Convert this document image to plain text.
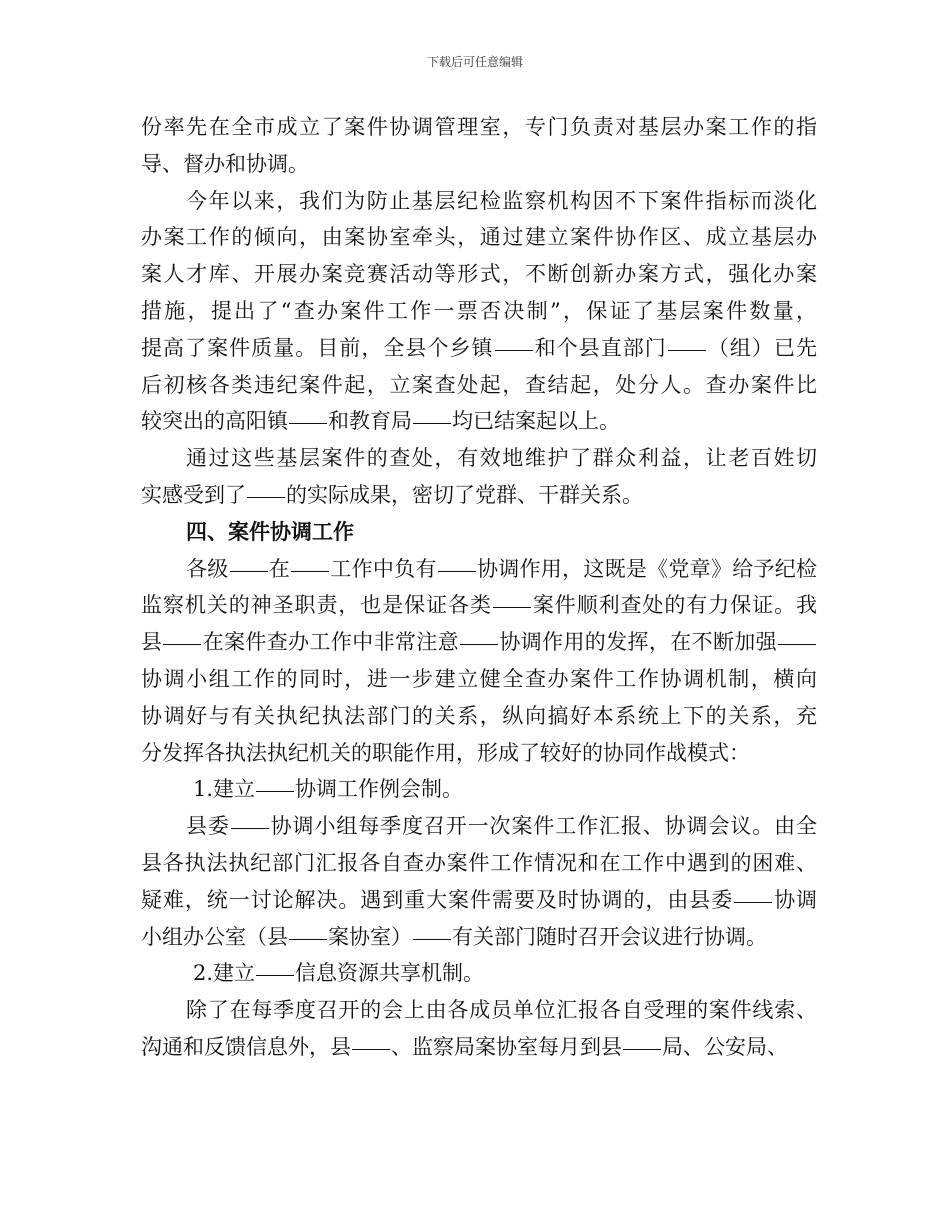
下载后可任意编辑
份率先在全市成立了案件协调管理室，专门负责对基层办案工作的指
导、督办和协调。
今年以来，我们为防止基层纪检监察机构因不下案件指标而淡化
办案工作的倾向，由案协室牵头，通过建立案件协作区、成立基层办
案人才库、开展办案竞赛活动等形式，不断创新办案方式，强化办案
措施，提出了“查办案件工作一票否决制”，保证了基层案件数量，
提高了案件质量。目前，全县个乡镇 和个县直部门 （组）已先
后初核各类违纪案件起，立案查处起，查结起，处分人。查办案件比
较突出的高阳镇 和教育局 均已结案起以上。
通过这些基层案件的查处，有效地维护了群众利益，让老百姓切
实感受到了 的实际成果，密切了党群、干群关系。
四、案件协调工作
各级 在 工作中负有 协调作用，这既是《党章》给予纪检
监察机关的神圣职责，也是保证各类 案件顺利查处的有力保证。我
县 在案件查办工作中非常注意 协调作用的发挥，在不断加强
协调小组工作的同时，进一步建立健全查办案件工作协调机制，横向
协调好与有关执纪执法部门的关系，纵向搞好本系统上下的关系，充
分发挥各执法执纪机关的职能作用，形成了较好的协同作战模式：
1.建立 协调工作例会制。
县委 协调小组每季度召开一次案件工作汇报、协调会议。由全
县各执法执纪部门汇报各自查办案件工作情况和在工作中遇到的困难、
疑难，统一讨论解决。遇到重大案件需要及时协调的，由县委 协调
小组办公室（县 案协室） 有关部门随时召开会议进行协调。
2.建立 信息资源共享机制。
除了在每季度召开的会上由各成员单位汇报各自受理的案件线索、
沟通和反馈信息外，县 、监察局案协室每月到县 局、公安局、
